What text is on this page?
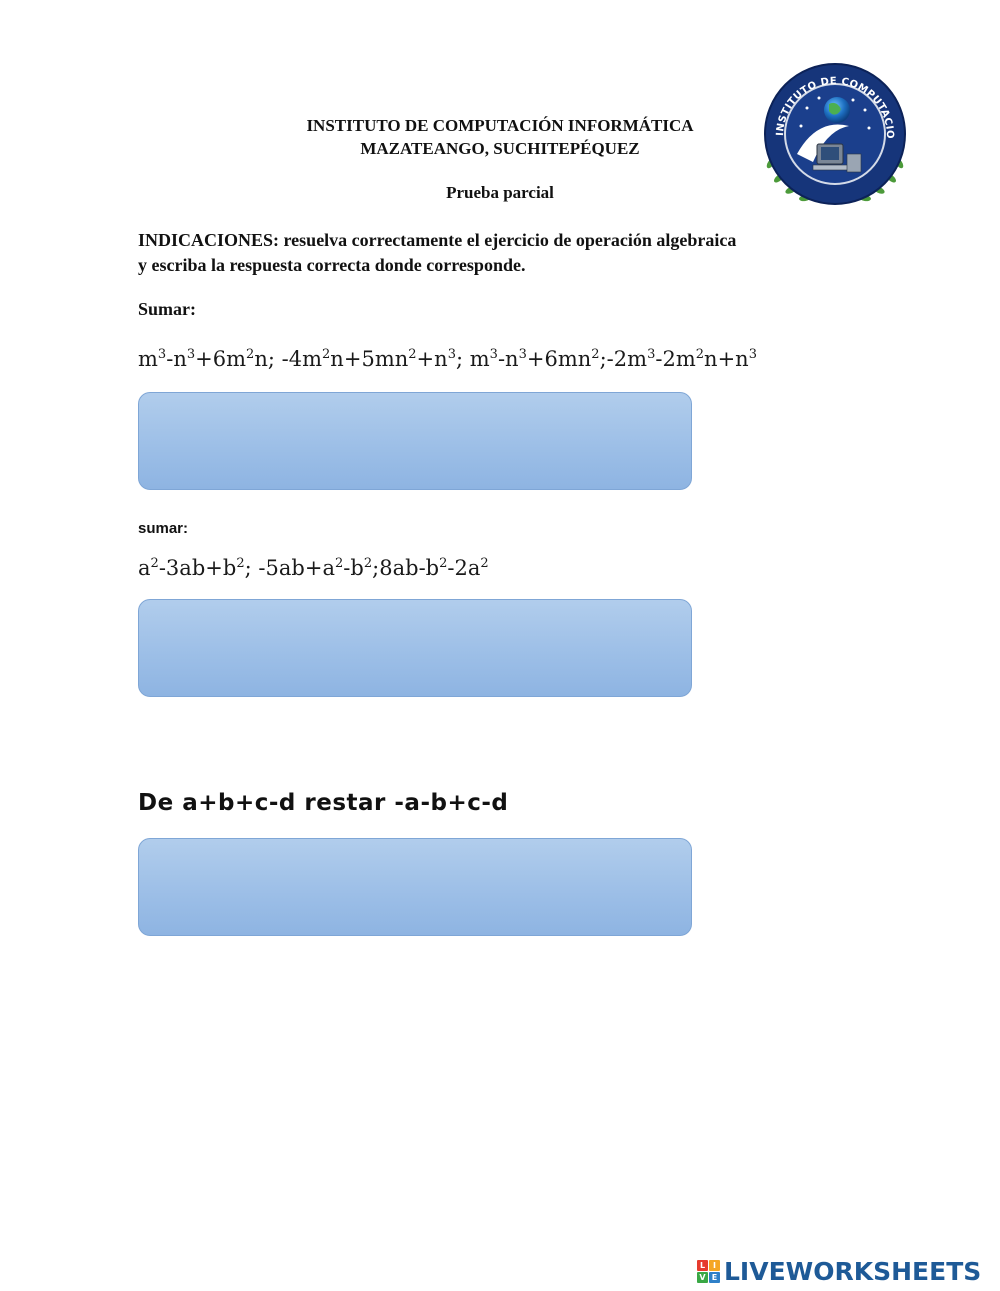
INSTITUTO DE COMPUTACIÓN INFORMÁTICA
MAZATEANGO, SUCHITEPÉQUEZ
Prueba parcial
INSTITUTO DE COMPUTACIO
INDICACIONES: resuelva correctamente el ejercicio de operación algebraica
y escriba la respuesta correcta donde corresponde.
Sumar:
$m^3-n^3+6m^2n$; $-4m^2n+5mn^2+n^3$; $m^3-n^3+6mn^2;-2m^3-2m^2n+n^3$
sumar:
$a^2-3ab+b^2$; $-5ab+a^2-b^2;8ab-b^2-2a^2$
De a+b+c-d restar -a-b+c-d
L I
V E LIVEWORKSHEETS
